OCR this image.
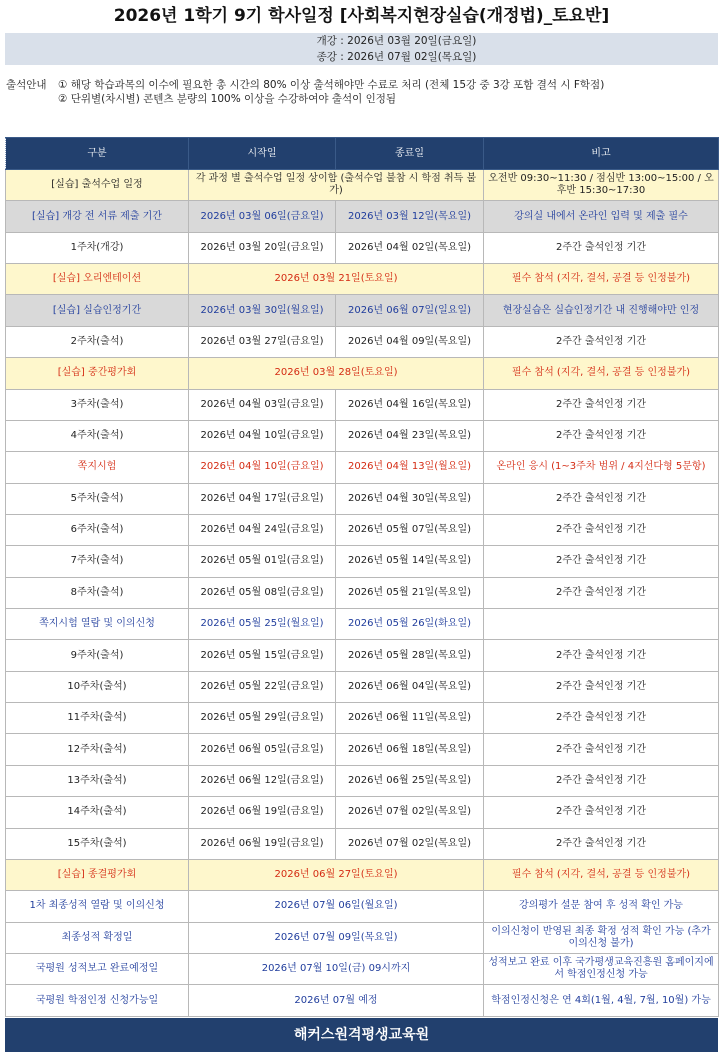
2026년 1학기 9기 학사일정 [사회복지현장실습(개정법)_토요반]
개강 : 2026년 03월 20일(금요일)
종강 : 2026년 07월 02일(목요일)
출석안내	① 해당 학습과목의 이수에 필요한 총 시간의 80% 이상 출석해야만 수료로 처리 (전체 15강 중 3강 포함 결석 시 F학점)
② 단위별(차시별) 콘텐츠 분량의 100% 이상을 수강하여야 출석이 인정됨
구분	시작일	종료일	비고
[실습] 출석수업 일정	각 과정 별 출석수업 일정 상이함 (출석수업 불참 시 학점 취득 불가)		오전반 09:30~11:30 / 점심반 13:00~15:00 / 오후반 15:30~17:30
[실습] 개강 전 서류 제출 기간	2026년 03월 06일(금요일)	2026년 03월 12일(목요일)	강의실 내에서 온라인 입력 및 제출 필수
1주차(개강)	2026년 03월 20일(금요일)	2026년 04월 02일(목요일)	2주간 출석인정 기간
[실습] 오리엔테이션	2026년 03월 21일(토요일)		필수 참석 (지각, 결석, 공결 등 인정불가)
[실습] 실습인정기간	2026년 03월 30일(월요일)	2026년 06월 07일(일요일)	현장실습은 실습인정기간 내 진행해야만 인정
2주차(출석)	2026년 03월 27일(금요일)	2026년 04월 09일(목요일)	2주간 출석인정 기간
[실습] 중간평가회	2026년 03월 28일(토요일)		필수 참석 (지각, 결석, 공결 등 인정불가)
3주차(출석)	2026년 04월 03일(금요일)	2026년 04월 16일(목요일)	2주간 출석인정 기간
4주차(출석)	2026년 04월 10일(금요일)	2026년 04월 23일(목요일)	2주간 출석인정 기간
쪽지시험	2026년 04월 10일(금요일)	2026년 04월 13일(월요일)	온라인 응시 (1~3주차 범위 / 4지선다형 5문항)
5주차(출석)	2026년 04월 17일(금요일)	2026년 04월 30일(목요일)	2주간 출석인정 기간
6주차(출석)	2026년 04월 24일(금요일)	2026년 05월 07일(목요일)	2주간 출석인정 기간
7주차(출석)	2026년 05월 01일(금요일)	2026년 05월 14일(목요일)	2주간 출석인정 기간
8주차(출석)	2026년 05월 08일(금요일)	2026년 05월 21일(목요일)	2주간 출석인정 기간
쪽지시험 열람 및 이의신청	2026년 05월 25일(월요일)	2026년 05월 26일(화요일)	
9주차(출석)	2026년 05월 15일(금요일)	2026년 05월 28일(목요일)	2주간 출석인정 기간
10주차(출석)	2026년 05월 22일(금요일)	2026년 06월 04일(목요일)	2주간 출석인정 기간
11주차(출석)	2026년 05월 29일(금요일)	2026년 06월 11일(목요일)	2주간 출석인정 기간
12주차(출석)	2026년 06월 05일(금요일)	2026년 06월 18일(목요일)	2주간 출석인정 기간
13주차(출석)	2026년 06월 12일(금요일)	2026년 06월 25일(목요일)	2주간 출석인정 기간
14주차(출석)	2026년 06월 19일(금요일)	2026년 07월 02일(목요일)	2주간 출석인정 기간
15주차(출석)	2026년 06월 19일(금요일)	2026년 07월 02일(목요일)	2주간 출석인정 기간
[실습] 종결평가회	2026년 06월 27일(토요일)		필수 참석 (지각, 결석, 공결 등 인정불가)
1차 최종성적 열람 및 이의신청	2026년 07월 06일(월요일)		강의평가 설문 참여 후 성적 확인 가능
최종성적 확정일	2026년 07월 09일(목요일)		이의신청이 반영된 최종 확정 성적 확인 가능 (추가 이의신청 불가)
국평원 성적보고 완료예정일	2026년 07월 10일(금) 09시까지		성적보고 완료 이후 국가평생교육진흥원 홈페이지에서 학점인정신청 가능
국평원 학점인정 신청가능일	2026년 07월 예정		학점인정신청은 연 4회(1월, 4월, 7월, 10월) 가능
해커스원격평생교육원
